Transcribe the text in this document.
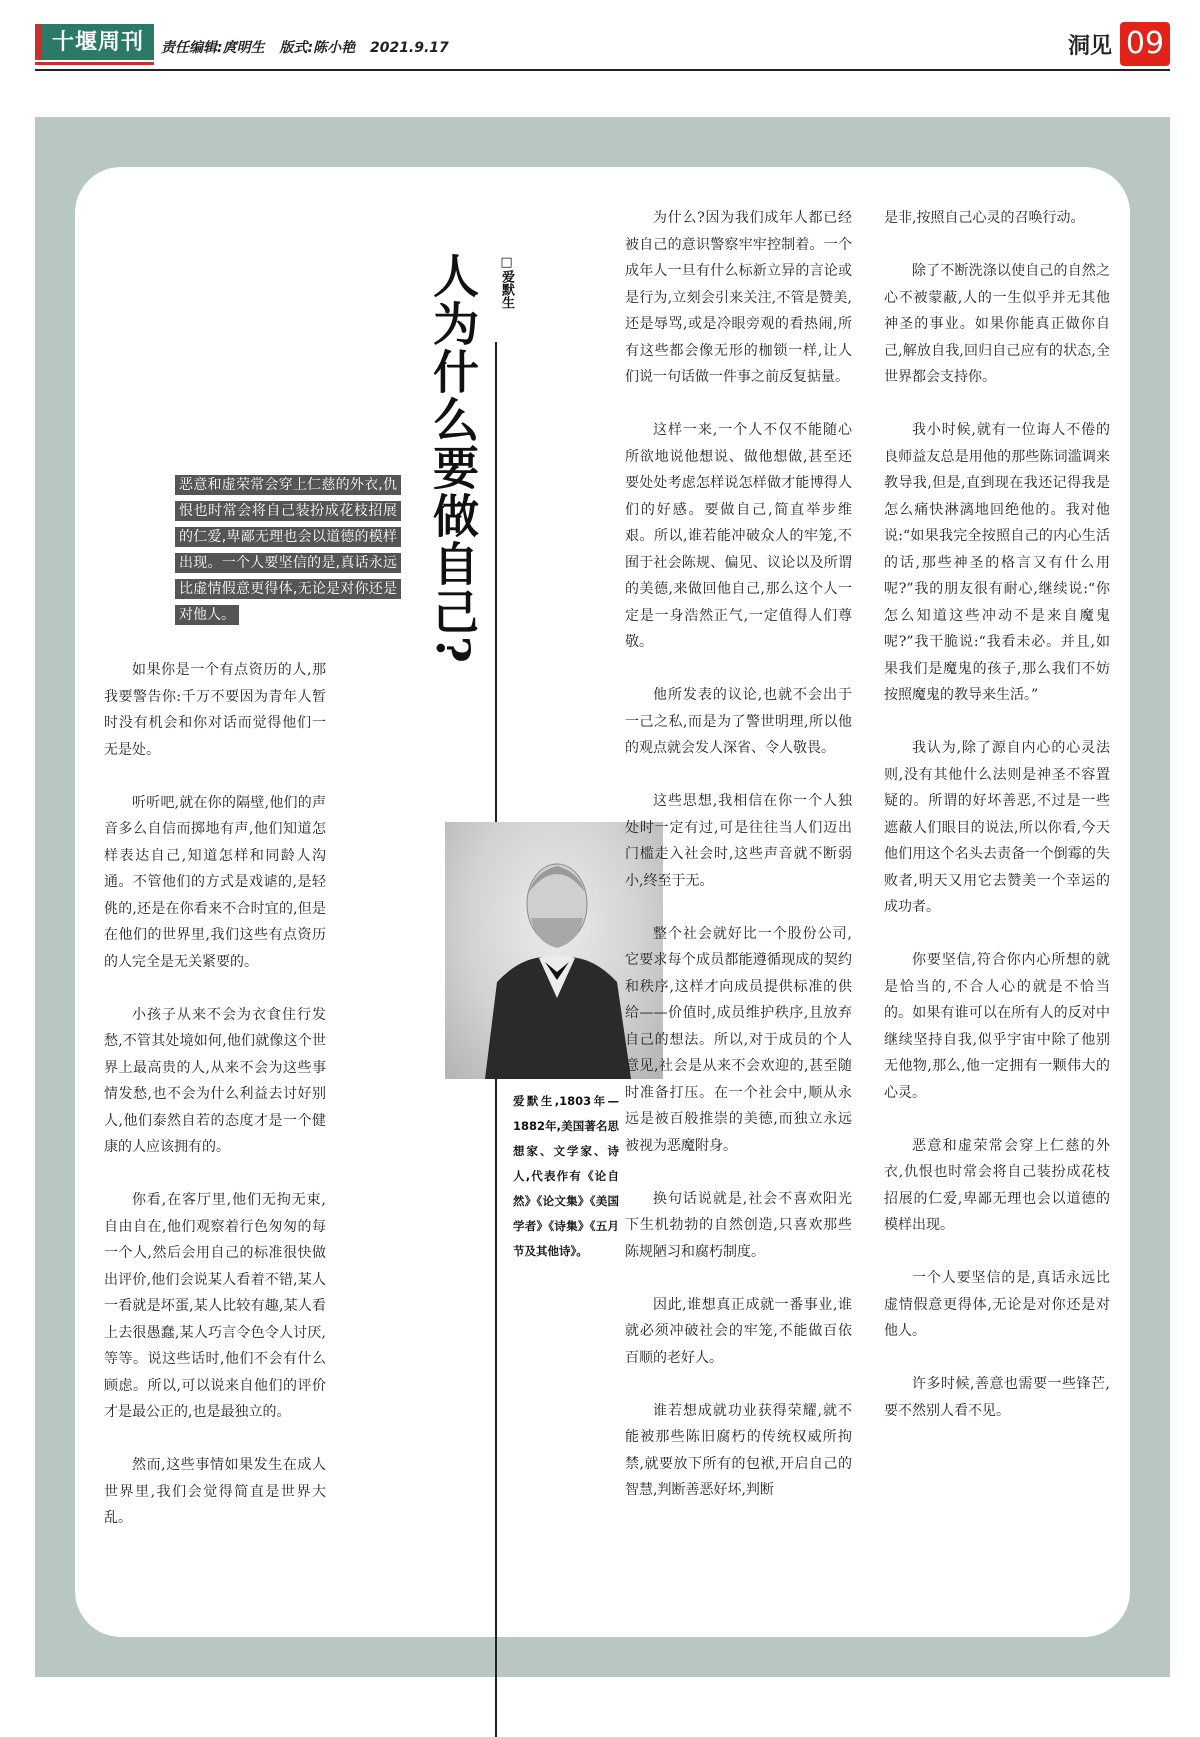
十堰周刊	责任编辑:庹明生 版式:陈小艳 2021.9.17	洞见 09
人为什么要做自己? □爱默生
恶意和虚荣常会穿上仁慈的外衣,仇恨也时常会将自己装扮成花枝招展的仁爱,卑鄙无理也会以道德的模样出现。一个人要坚信的是,真话永远比虚情假意更得体,无论是对你还是对他人。
爱默生,1803年—1882年,美国著名思想家、文学家、诗人,代表作有《论自然》《论文集》《美国学者》《诗集》《五月节及其他诗》。

如果你是一个有点资历的人,那我要警告你:千万不要因为青年人暂时没有机会和你对话而觉得他们一无是处。

听听吧,就在你的隔壁,他们的声音多么自信而掷地有声,他们知道怎样表达自己,知道怎样和同龄人沟通。不管他们的方式是戏谑的,是轻佻的,还是在你看来不合时宜的,但是在他们的世界里,我们这些有点资历的人完全是无关紧要的。

小孩子从来不会为衣食住行发愁,不管其处境如何,他们就像这个世界上最高贵的人,从来不会为这些事情发愁,也不会为什么利益去讨好别人,他们泰然自若的态度才是一个健康的人应该拥有的。

你看,在客厅里,他们无拘无束,自由自在,他们观察着行色匆匆的每一个人,然后会用自己的标准很快做出评价,他们会说某人看着不错,某人一看就是坏蛋,某人比较有趣,某人看上去很愚蠢,某人巧言令色令人讨厌,等等。说这些话时,他们不会有什么顾虑。所以,可以说来自他们的评价才是最公正的,也是最独立的。

然而,这些事情如果发生在成人世界里,我们会觉得简直是世界大乱。

为什么?因为我们成年人都已经被自己的意识警察牢牢控制着。一个成年人一旦有什么标新立异的言论或是行为,立刻会引来关注,不管是赞美,还是辱骂,或是冷眼旁观的看热闹,所有这些都会像无形的枷锁一样,让人们说一句话做一件事之前反复掂量。

这样一来,一个人不仅不能随心所欲地说他想说、做他想做,甚至还要处处考虑怎样说怎样做才能博得人们的好感。要做自己,简直举步维艰。所以,谁若能冲破众人的牢笼,不囿于社会陈规、偏见、议论以及所谓的美德,来做回他自己,那么这个人一定是一身浩然正气,一定值得人们尊敬。

他所发表的议论,也就不会出于一己之私,而是为了警世明理,所以他的观点就会发人深省、令人敬畏。

这些思想,我相信在你一个人独处时一定有过,可是往往当人们迈出门槛走入社会时,这些声音就不断弱小,终至于无。

整个社会就好比一个股份公司,它要求每个成员都能遵循现成的契约和秩序,这样才向成员提供标准的供给——价值时,成员维护秩序,且放弃自己的想法。所以,对于成员的个人意见,社会是从来不会欢迎的,甚至随时准备打压。在一个社会中,顺从永远是被百般推崇的美德,而独立永远被视为恶魔附身。

换句话说就是,社会不喜欢阳光下生机勃勃的自然创造,只喜欢那些陈规陋习和腐朽制度。

因此,谁想真正成就一番事业,谁就必须冲破社会的牢笼,不能做百依百顺的老好人。

谁若想成就功业获得荣耀,就不能被那些陈旧腐朽的传统权威所拘禁,就要放下所有的包袱,开启自己的智慧,判断善恶好坏,判断

是非,按照自己心灵的召唤行动。

除了不断洗涤以使自己的自然之心不被蒙蔽,人的一生似乎并无其他神圣的事业。如果你能真正做你自己,解放自我,回归自己应有的状态,全世界都会支持你。

我小时候,就有一位诲人不倦的良师益友总是用他的那些陈词滥调来教导我,但是,直到现在我还记得我是怎么痛快淋漓地回绝他的。我对他说:“如果我完全按照自己的内心生活的话,那些神圣的格言又有什么用呢?”我的朋友很有耐心,继续说:“你怎么知道这些冲动不是来自魔鬼呢?”我干脆说:“我看未必。并且,如果我们是魔鬼的孩子,那么我们不妨按照魔鬼的教导来生活。”

我认为,除了源自内心的心灵法则,没有其他什么法则是神圣不容置疑的。所谓的好坏善恶,不过是一些遮蔽人们眼目的说法,所以你看,今天他们用这个名头去责备一个倒霉的失败者,明天又用它去赞美一个幸运的成功者。

你要坚信,符合你内心所想的就是恰当的,不合人心的就是不恰当的。如果有谁可以在所有人的反对中继续坚持自我,似乎宇宙中除了他别无他物,那么,他一定拥有一颗伟大的心灵。

恶意和虚荣常会穿上仁慈的外衣,仇恨也时常会将自己装扮成花枝招展的仁爱,卑鄙无理也会以道德的模样出现。

一个人要坚信的是,真话永远比虚情假意更得体,无论是对你还是对他人。

许多时候,善意也需要一些锋芒,要不然别人看不见。
